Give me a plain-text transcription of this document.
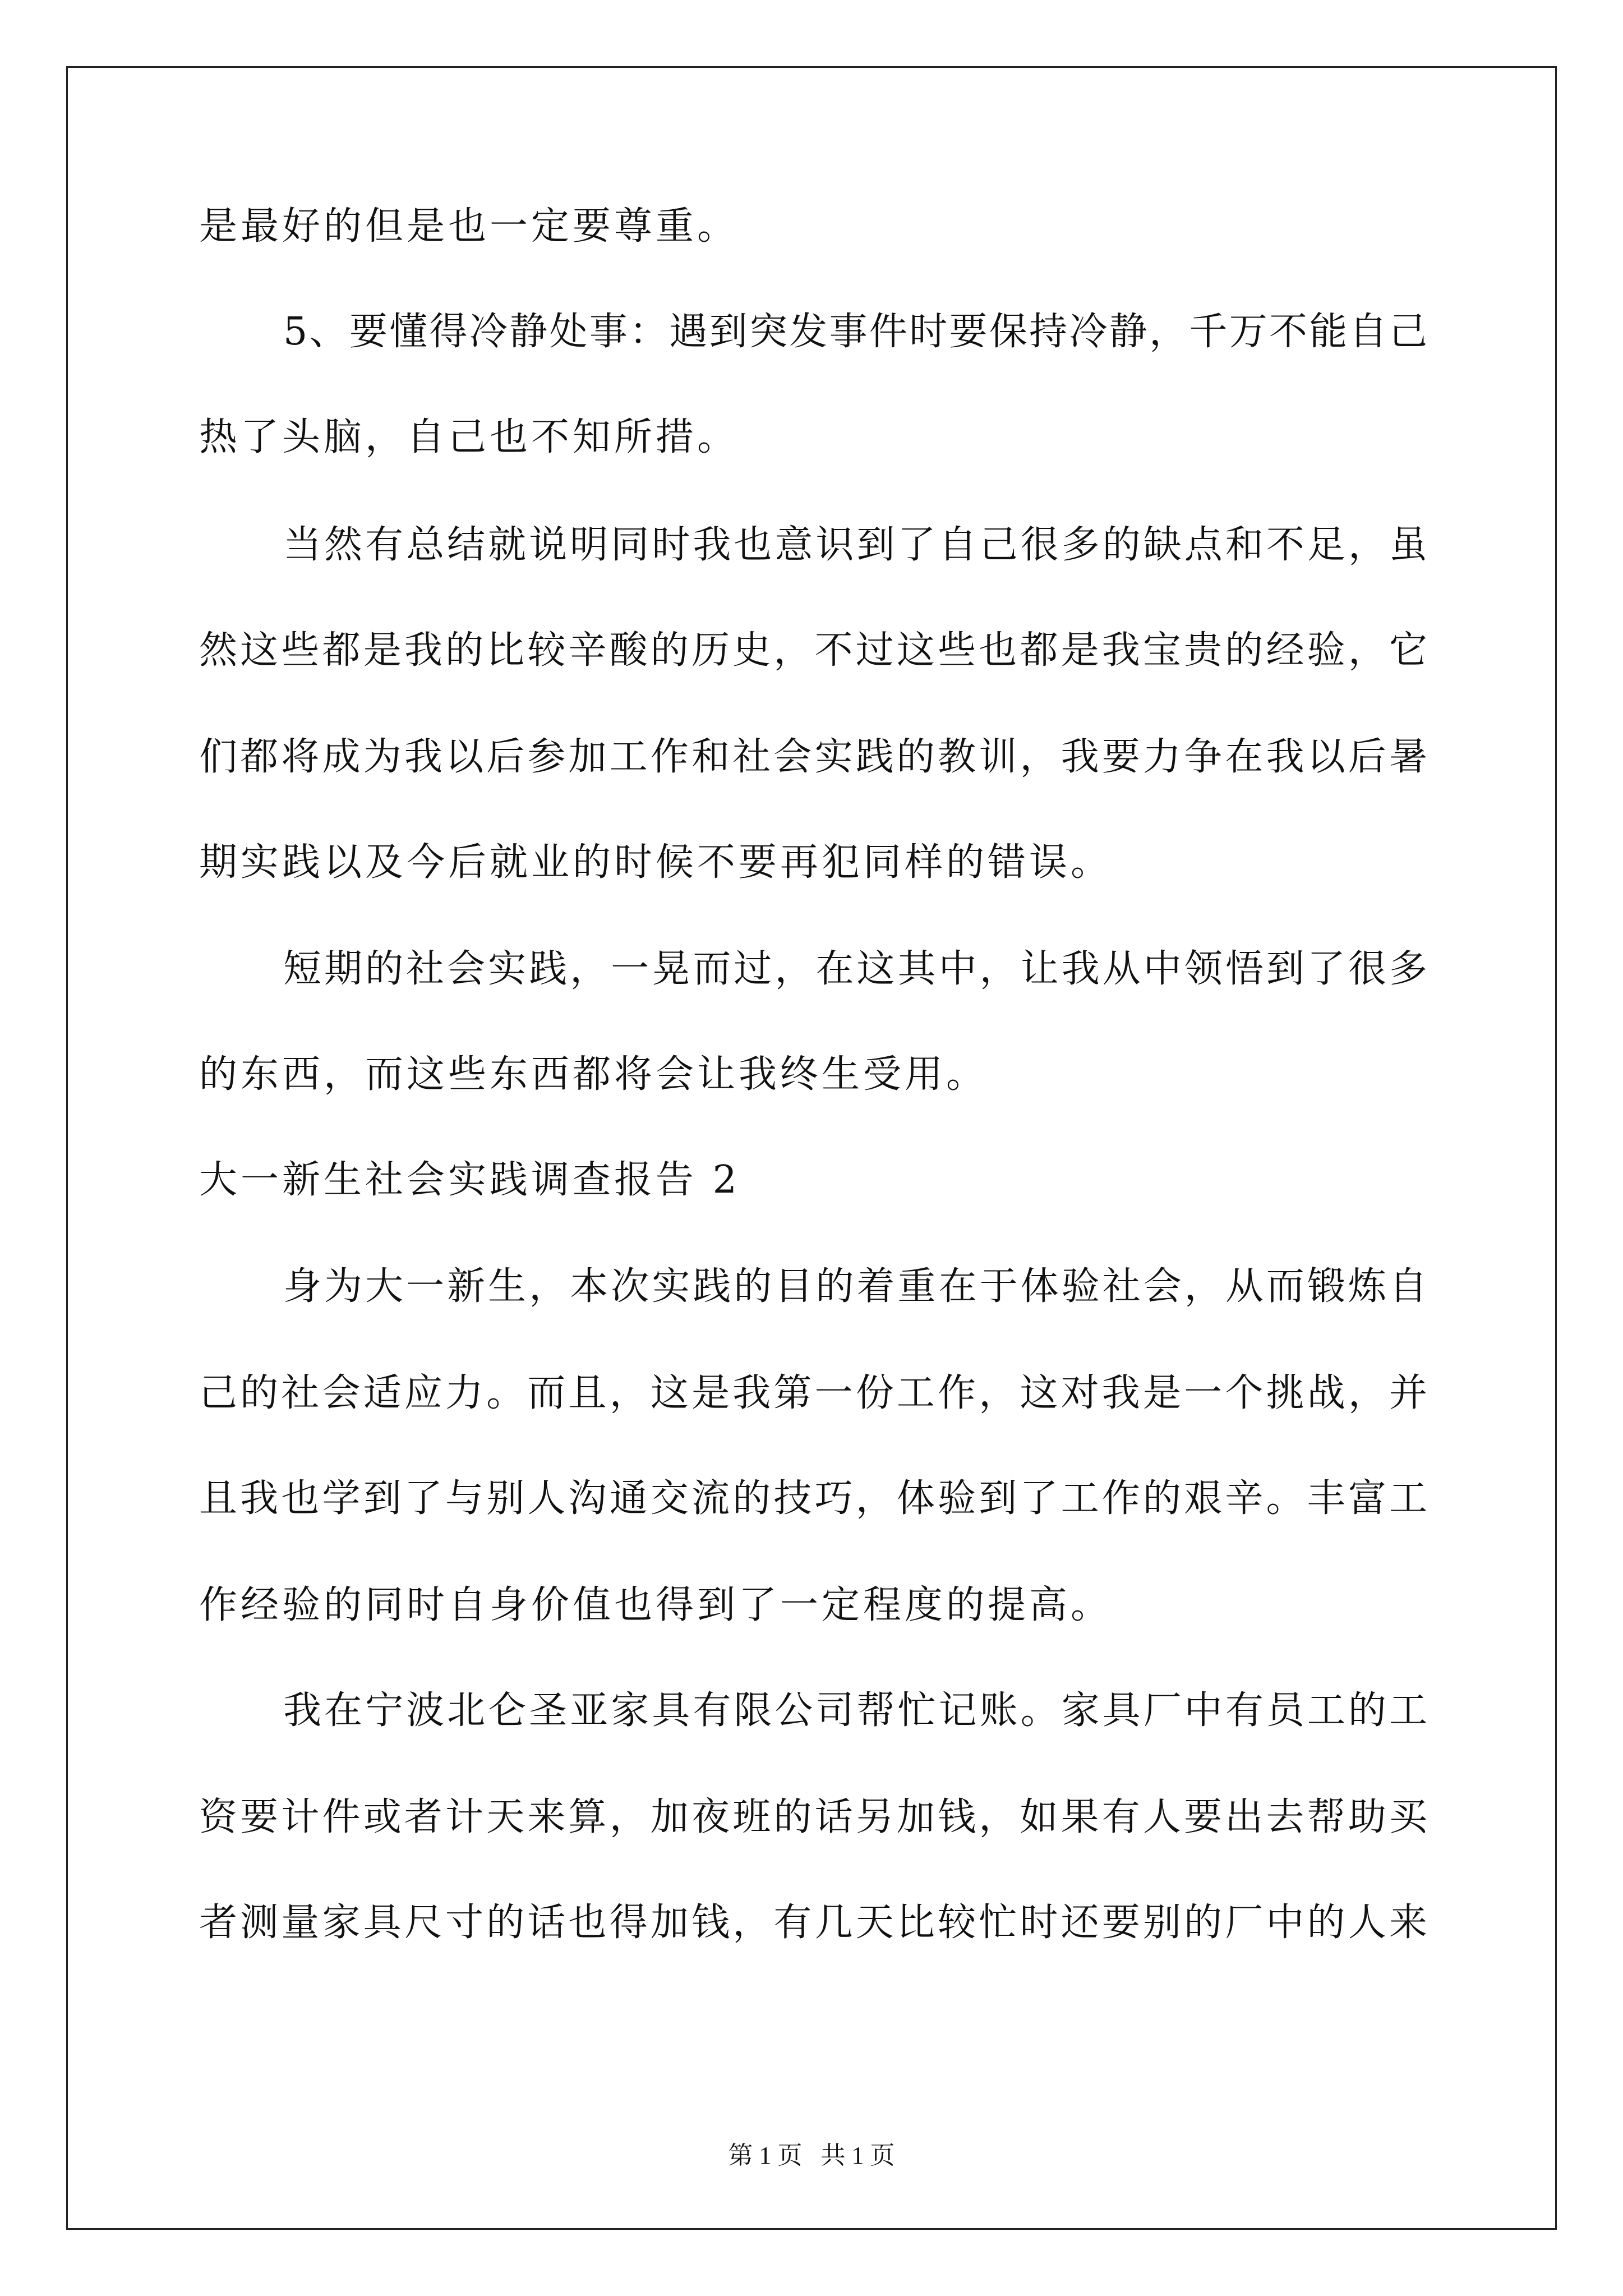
是最好的但是也一定要尊重。
5、要懂得冷静处事：遇到突发事件时要保持冷静，千万不能自己
热了头脑，自己也不知所措。
当然有总结就说明同时我也意识到了自己很多的缺点和不足，虽
然这些都是我的比较辛酸的历史，不过这些也都是我宝贵的经验，它
们都将成为我以后参加工作和社会实践的教训，我要力争在我以后暑
期实践以及今后就业的时候不要再犯同样的错误。
短期的社会实践，一晃而过，在这其中，让我从中领悟到了很多
的东西，而这些东西都将会让我终生受用。
大一新生社会实践调查报告 2
身为大一新生，本次实践的目的着重在于体验社会，从而锻炼自
己的社会适应力。而且，这是我第一份工作，这对我是一个挑战，并
且我也学到了与别人沟通交流的技巧，体验到了工作的艰辛。丰富工
作经验的同时自身价值也得到了一定程度的提高。
我在宁波北仑圣亚家具有限公司帮忙记账。家具厂中有员工的工
资要计件或者计天来算，加夜班的话另加钱，如果有人要出去帮助买
者测量家具尺寸的话也得加钱，有几天比较忙时还要别的厂中的人来
第 1 页   共 1 页
